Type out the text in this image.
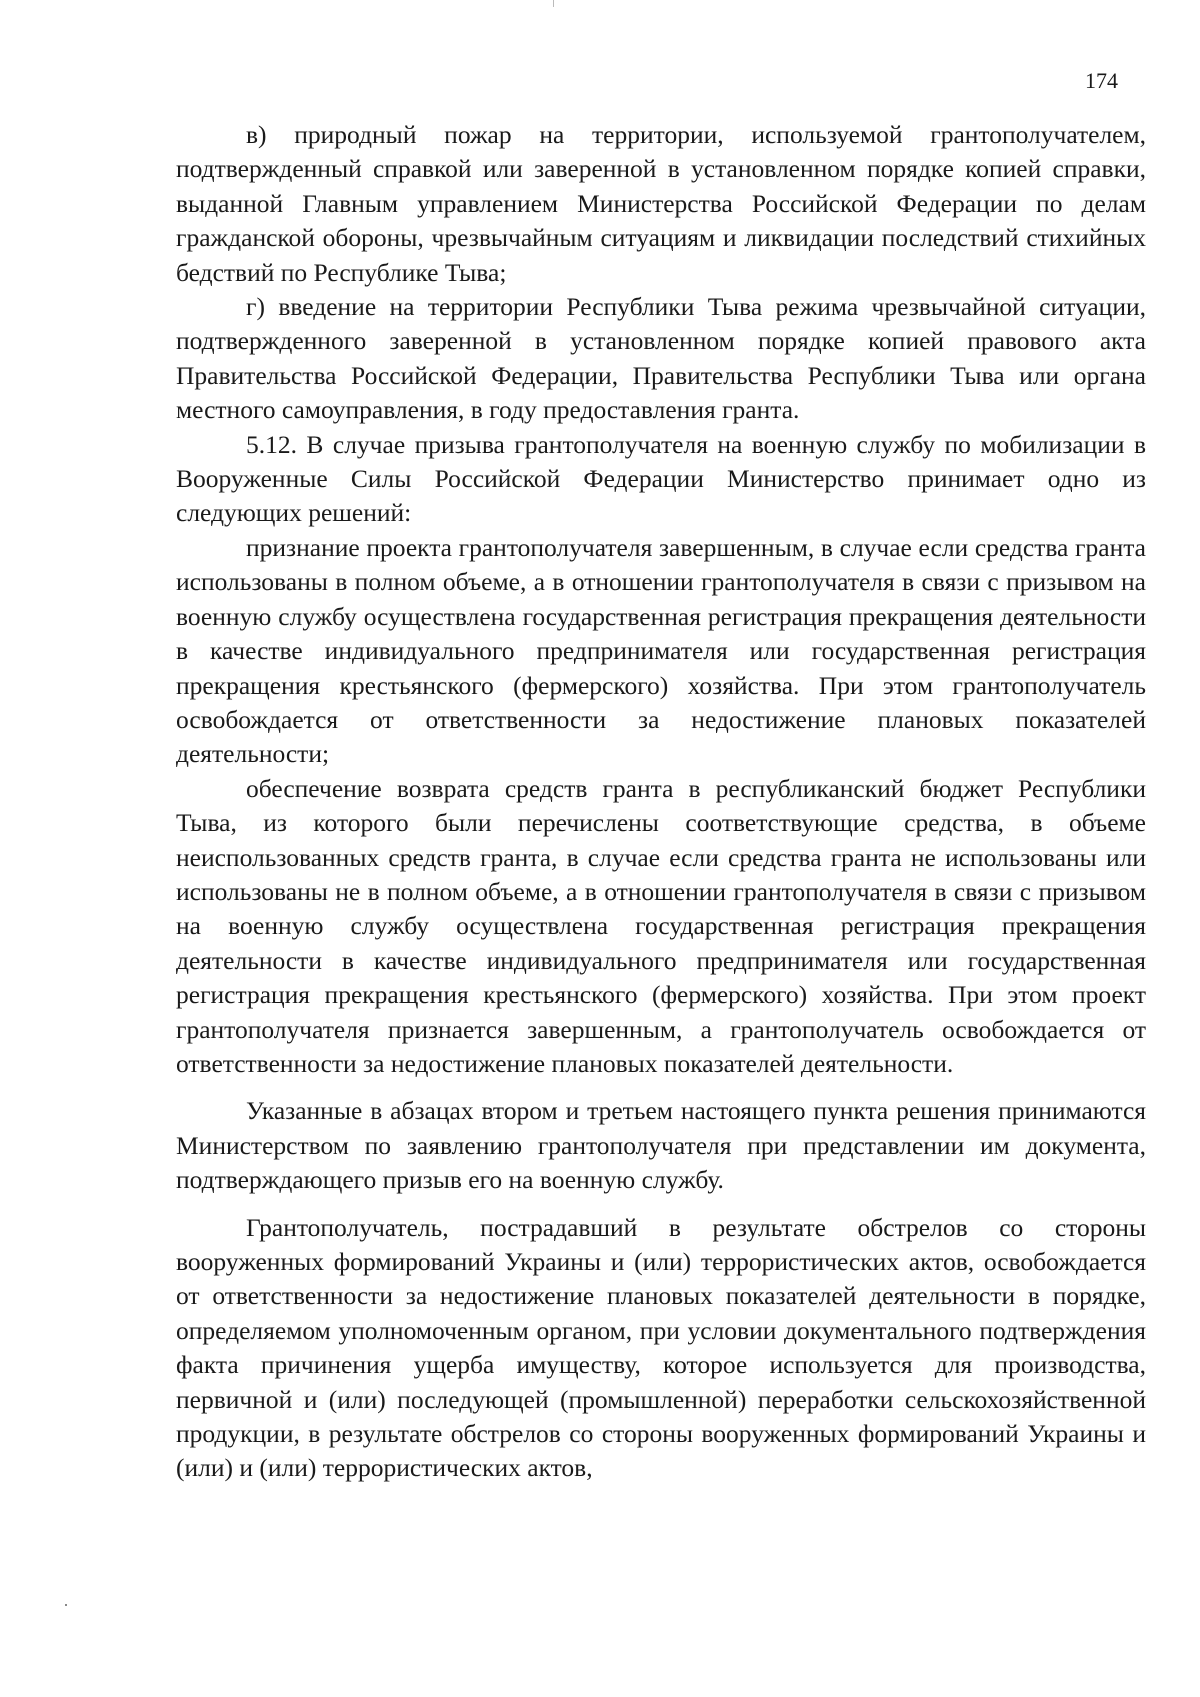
174

в) природный пожар на территории, используемой грантополучателем, подтвержденный справкой или заверенной в установленном порядке копией справки, выданной Главным управлением Министерства Российской Федерации по делам гражданской обороны, чрезвычайным ситуациям и ликвидации последствий стихийных бедствий по Республике Тыва;

г) введение на территории Республики Тыва режима чрезвычайной ситуации, подтвержденного заверенной в установленном порядке копией правового акта Правительства Российской Федерации, Правительства Республики Тыва или органа местного самоуправления, в году предоставления гранта.

5.12. В случае призыва грантополучателя на военную службу по мобилизации в Вооруженные Силы Российской Федерации Министерство принимает одно из следующих решений:

признание проекта грантополучателя завершенным, в случае если средства гранта использованы в полном объеме, а в отношении грантополучателя в связи с призывом на военную службу осуществлена государственная регистрация прекращения деятельности в качестве индивидуального предпринимателя или государственная регистрация прекращения крестьянского (фермерского) хозяйства. При этом грантополучатель освобождается от ответственности за недостижение плановых показателей деятельности;

обеспечение возврата средств гранта в республиканский бюджет Республики Тыва, из которого были перечислены соответствующие средства, в объеме неиспользованных средств гранта, в случае если средства гранта не использованы или использованы не в полном объеме, а в отношении грантополучателя в связи с призывом на военную службу осуществлена государственная регистрация прекращения деятельности в качестве индивидуального предпринимателя или государственная регистрация прекращения крестьянского (фермерского) хозяйства. При этом проект грантополучателя признается завершенным, а грантополучатель освобождается от ответственности за недостижение плановых показателей деятельности.

Указанные в абзацах втором и третьем настоящего пункта решения принимаются Министерством по заявлению грантополучателя при представлении им документа, подтверждающего призыв его на военную службу.

Грантополучатель, пострадавший в результате обстрелов со стороны вооруженных формирований Украины и (или) террористических актов, освобождается от ответственности за недостижение плановых показателей деятельности в порядке, определяемом уполномоченным органом, при условии документального подтверждения факта причинения ущерба имуществу, которое используется для производства, первичной и (или) последующей (промышленной) переработки сельскохозяйственной продукции, в результате обстрелов со стороны вооруженных формирований Украины и (или) и (или) террористических актов,
